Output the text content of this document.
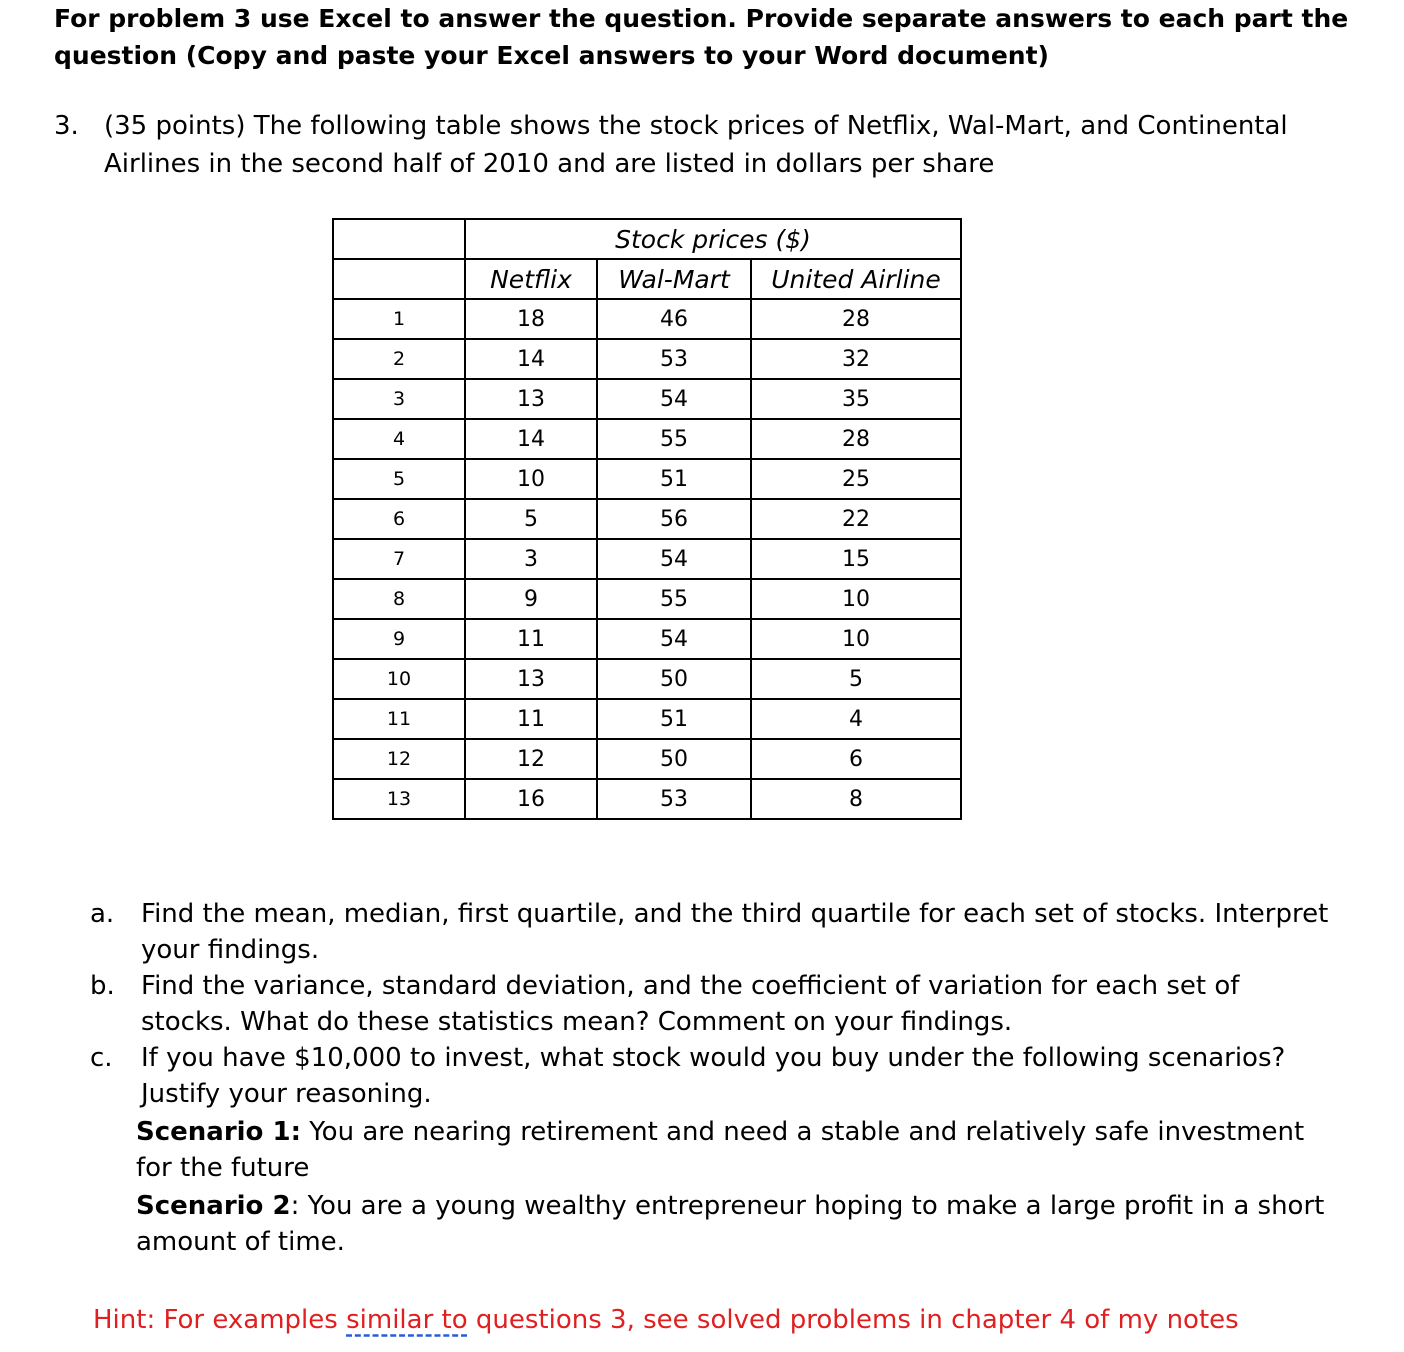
For problem 3 use Excel to answer the question. Provide separate answers to each part the question (Copy and paste your Excel answers to your Word document)
3. (35 points) The following table shows the stock prices of Netflix, Wal-Mart, and Continental Airlines in the second half of 2010 and are listed in dollars per share
	Stock prices ($)		
	Netflix	Wal-Mart	United Airline
1	18	46	28
2	14	53	32
3	13	54	35
4	14	55	28
5	10	51	25
6	5	56	22
7	3	54	15
8	9	55	10
9	11	54	10
10	13	50	5
11	11	51	4
12	12	50	6
13	16	53	8
a. Find the mean, median, first quartile, and the third quartile for each set of stocks. Interpret your findings.
b. Find the variance, standard deviation, and the coefficient of variation for each set of stocks. What do these statistics mean? Comment on your findings.
c. If you have $10,000 to invest, what stock would you buy under the following scenarios? Justify your reasoning.
Scenario 1: You are nearing retirement and need a stable and relatively safe investment for the future
Scenario 2: You are a young wealthy entrepreneur hoping to make a large profit in a short amount of time.
Hint: For examples similar to questions 3, see solved problems in chapter 4 of my notes
